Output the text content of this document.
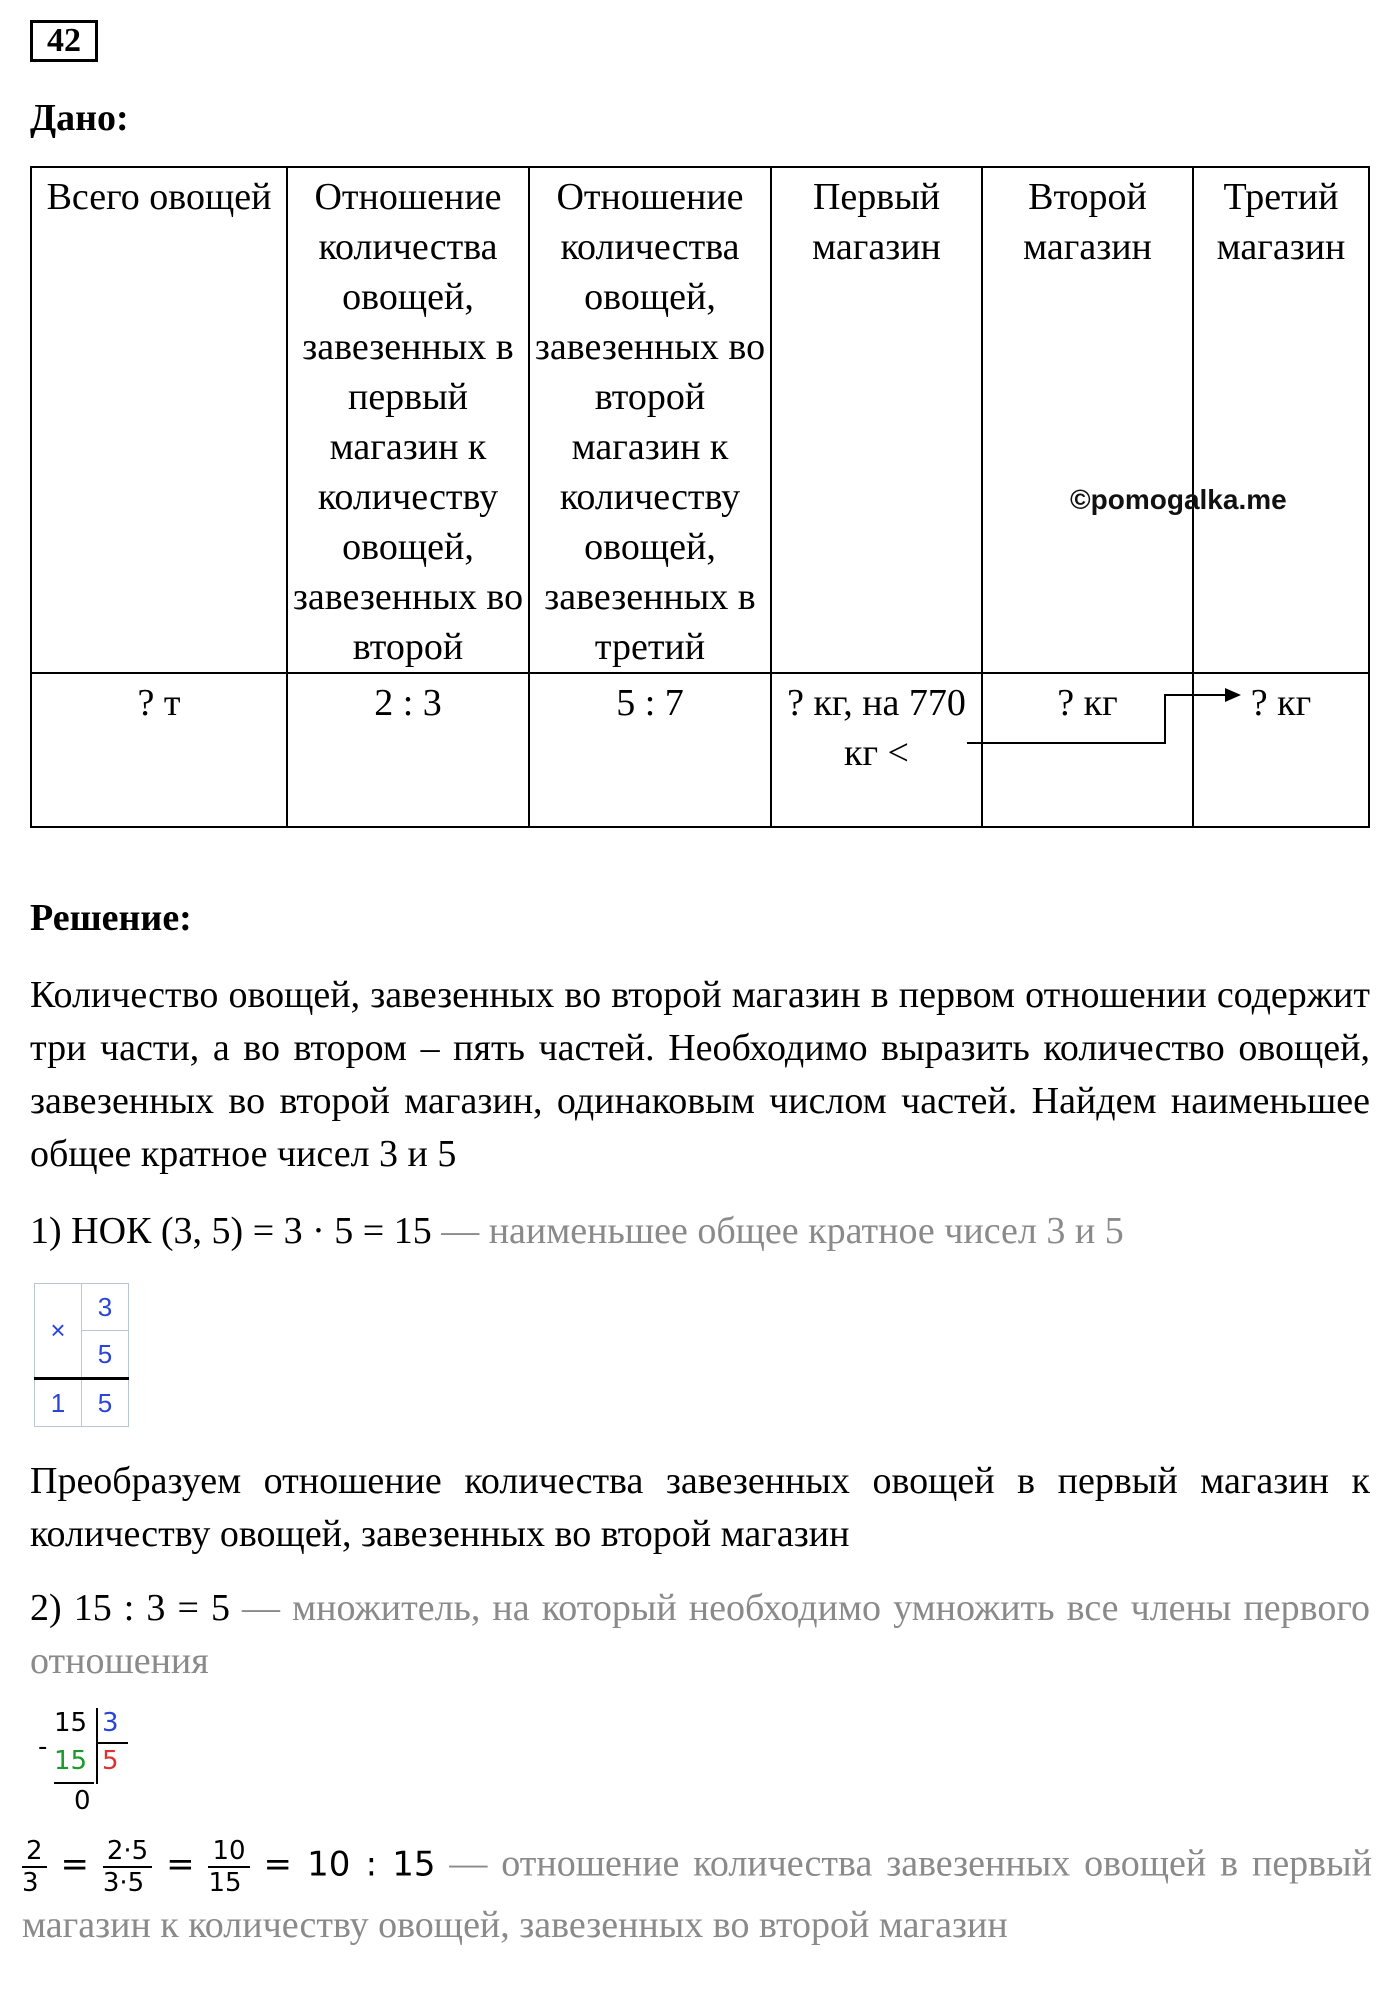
42
Дано:
Всего овощей	Отношение количества овощей, завезенных в первый магазин к количеству овощей, завезенных во второй	Отношение количества овощей, завезенных во второй магазин к количеству овощей, завезенных в третий	Первый магазин	Второй магазин	Третий магазин
? т	2 : 3	5 : 7	? кг, на 770 кг <	? кг	? кг
©pomogalka.me
Решение:
Количество овощей, завезенных во второй магазин в первом отношении содержит три части, а во втором – пять частей. Необходимо выразить количество овощей, завезенных во второй магазин, одинаковым числом частей. Найдем наименьшее общее кратное чисел 3 и 5
1) НОК (3, 5) = 3 · 5 = 15 — наименьшее общее кратное чисел 3 и 5
×	3
	5
1	5
Преобразуем отношение количества завезенных овощей в первый магазин к количеству овощей, завезенных во второй магазин
2) 15 : 3 = 5 — множитель, на который необходимо умножить все члены первого отношения
-
15 3
15 5
0
$\frac{2}{3} = \frac{2\cdot 5}{3\cdot 5} = \frac{10}{15} = 10$ : 15 — отношение количества завезенных овощей в первый магазин к количеству овощей, завезенных во второй магазин
